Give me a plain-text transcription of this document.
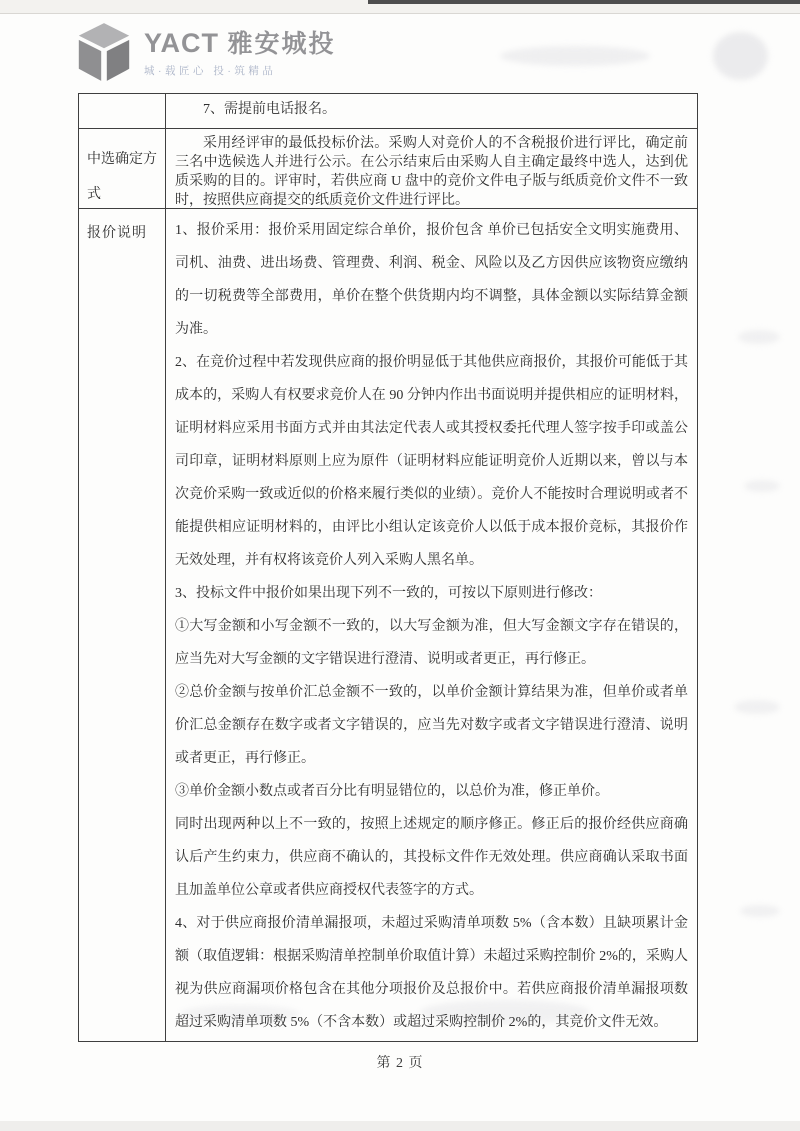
YACT 雅安城投
城·载匠心 投·筑精品
7、需提前电话报名。
中选确定方式

采用经评审的最低投标价法。采购人对竞价人的不含税报价进行评比，确定前三名中选候选人并进行公示。在公示结束后由采购人自主确定最终中选人，达到优质采购的目的。评审时，若供应商 U 盘中的竞价文件电子版与纸质竞价文件不一致时，按照供应商提交的纸质竞价文件进行评比。

报价说明	1、报价采用：报价采用固定综合单价，报价包含 单价已包括安全文明实施费用、司机、油费、进出场费、管理费、利润、税金、风险以及乙方因供应该物资应缴纳的一切税费等全部费用，单价在整个供货期内均不调整，具体金额以实际结算金额为准。

2、在竞价过程中若发现供应商的报价明显低于其他供应商报价，其报价可能低于其成本的，采购人有权要求竞价人在 90 分钟内作出书面说明并提供相应的证明材料，证明材料应采用书面方式并由其法定代表人或其授权委托代理人签字按手印或盖公司印章，证明材料原则上应为原件（证明材料应能证明竞价人近期以来，曾以与本次竞价采购一致或近似的价格来履行类似的业绩）。竞价人不能按时合理说明或者不能提供相应证明材料的，由评比小组认定该竞价人以低于成本报价竞标，其报价作无效处理，并有权将该竞价人列入采购人黑名单。

3、投标文件中报价如果出现下列不一致的，可按以下原则进行修改：

①大写金额和小写金额不一致的，以大写金额为准，但大写金额文字存在错误的，应当先对大写金额的文字错误进行澄清、说明或者更正，再行修正。

②总价金额与按单价汇总金额不一致的，以单价金额计算结果为准，但单价或者单价汇总金额存在数字或者文字错误的，应当先对数字或者文字错误进行澄清、说明或者更正，再行修正。

③单价金额小数点或者百分比有明显错位的，以总价为准，修正单价。

同时出现两种以上不一致的，按照上述规定的顺序修正。修正后的报价经供应商确认后产生约束力，供应商不确认的，其投标文件作无效处理。供应商确认采取书面且加盖单位公章或者供应商授权代表签字的方式。

4、对于供应商报价清单漏报项，未超过采购清单项数 5%（含本数）且缺项累计金额（取值逻辑：根据采购清单控制单价取值计算）未超过采购控制价 2%的，采购人视为供应商漏项价格包含在其他分项报价及总报价中。若供应商报价清单漏报项数超过采购清单项数 5%（不含本数）或超过采购控制价 2%的，其竞价文件无效。

第 2 页
